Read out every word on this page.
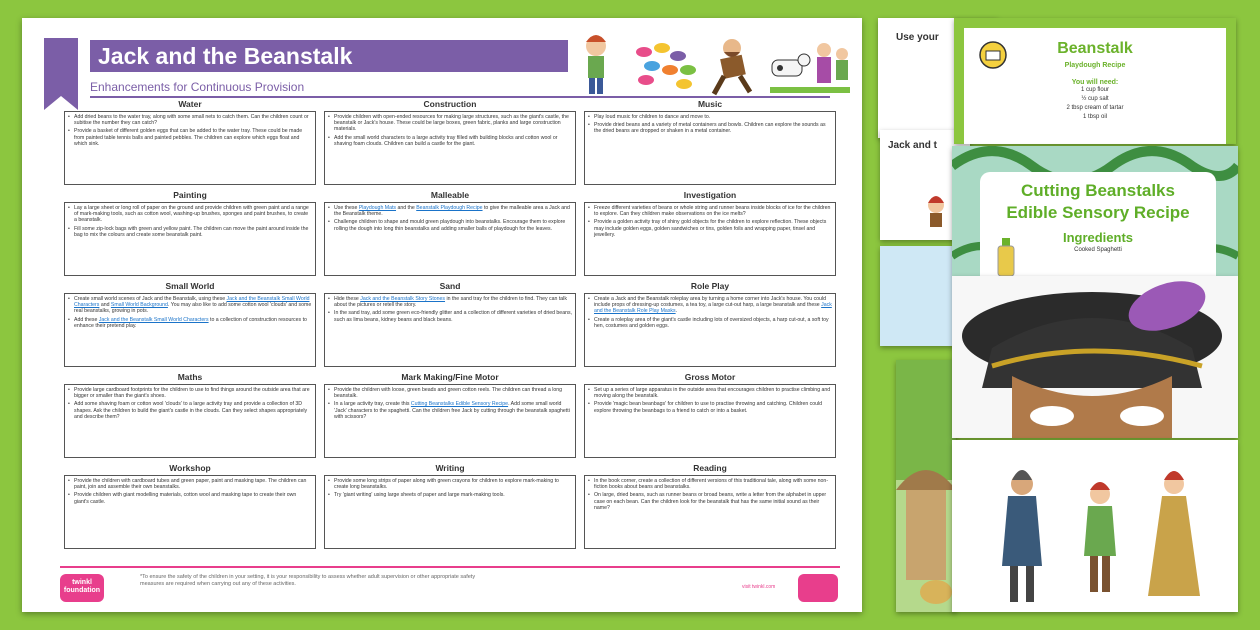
Jack and the Beanstalk
Enhancements for Continuous Provision
Water
• Add dried beans to the water tray, along with some small nets to catch them. Can the children count or subitise the number they can catch?
• Provide a basket of different golden eggs that can be added to the water tray. These could be made from painted table tennis balls and painted pebbles. The children can explore which eggs float and which sink.
Construction
• Provide children with open-ended resources for making large structures, such as the giant's castle, the beanstalk or Jack's house. These could be large boxes, green fabric, planks and large construction materials.
• Add the small world characters to a large activity tray filled with building blocks and cotton wool or shaving foam clouds. Children can build a castle for the giant.
Music
• Play loud music for children to dance and move to.
• Provide dried beans and a variety of metal containers and bowls. Children can explore the sounds as the dried beans are dropped or shaken in a metal container.
Painting
• Lay a large sheet or long roll of paper on the ground and provide children with green paint and a range of mark-making tools, such as cotton wool, washing-up brushes, sponges and paint brushes, to create a beanstalk.
• Fill some zip-lock bags with green and yellow paint. The children can move the paint around inside the bag to mix the colours and create some beanstalk paint.
Malleable
• Use these Playdough Mats and the Beanstalk Playdough Recipe to give the malleable area a Jack and the Beanstalk theme.
• Challenge children to shape and mould green playdough into beanstalks. Encourage them to explore rolling the dough into long thin beanstalks and adding smaller balls of playdough for the leaves.
Investigation
• Freeze different varieties of beans or whole string and runner beans inside blocks of ice for the children to explore. Can they children make observations on the ice melts?
• Provide a golden activity tray of shiny gold objects for the children to explore reflection. These objects may include golden eggs, golden sandwiches or tins, golden foils and wrapping paper, tinsel and jewellery.
Small World
• Create small world scenes of Jack and the Beanstalk, using these Jack and the Beanstalk Small World Characters and Small World Background. You may also like to add some cotton wool 'clouds' and some real beanstalks, growing in pots.
• Add these Jack and the Beanstalk Small World Characters to a collection of construction resources to enhance their pretend play.
Sand
• Hide these Jack and the Beanstalk Story Stones in the sand tray for the children to find. They can talk about the pictures or retell the story.
• In the sand tray, add some green eco-friendly glitter and a collection of different varieties of dried beans, such as lima beans, kidney beans and black beans.
Role Play
• Create a Jack and the Beanstalk roleplay area by turning a home corner into Jack's house. You could include props of dressing-up costumes, a tea toy, a large cut-out harp, a large beanstalk and these Jack and the Beanstalk Role Play Masks.
• Create a roleplay area of the giant's castle including lots of oversized objects, a harp cut-out, a soft toy hen, costumes and golden eggs.
Maths
• Provide large cardboard footprints for the children to use to find things around the outside area that are bigger or smaller than the giant's shoes.
• Add some shaving foam or cotton wool 'clouds' to a large activity tray and provide a collection of 3D shapes. Ask the children to build the giant's castle in the clouds. Can they select shapes appropriately and describe them?
Mark Making/Fine Motor
• Provide the children with loose, green beads and green cotton reels. The children can thread a long beanstalk.
• In a large activity tray, create this Cutting Beanstalks Edible Sensory Recipe. Add some small world 'Jack' characters to the spaghetti. Can the children free Jack by cutting through the beanstalk spaghetti with scissors?
Gross Motor
• Set up a series of large apparatus in the outside area that encourages children to practise climbing and moving along the beanstalk.
• Provide 'magic bean beanbags' for children to use to practise throwing and catching. Children could explore throwing the beanbags to a friend to catch or into a basket.
Workshop
• Provide the children with cardboard tubes and green paper, paint and masking tape. The children can paint, join and assemble their own beanstalks.
• Provide children with giant modelling materials, cotton wool and masking tape to create their own giant's castle.
Writing
• Provide some long strips of paper along with green crayons for children to explore mark-making to create long beanstalks.
• Try 'giant writing' using large sheets of paper and large mark-making tools.
Reading
• In the book corner, create a collection of different versions of this traditional tale, along with some non-fiction books about beans and beanstalks.
• On large, dried beans, such as runner beans or broad beans, write a letter from the alphabet in upper case on each bean. Can the children look for the beanstalk that has the same initial sound as their name?
twinkl foundation
*To ensure the safety of the children in your setting, it is your responsibility to assess whether adult supervision or other appropriate safety measures are required when carrying out any of these activities.	visit twinkl.com
Use your
Jack and t
Beanstalk
Playdough Recipe
You will need:
1 cup flour
½ cup salt
2 tbsp cream of tartar
1 tbsp oil
Cutting Beanstalks
Edible Sensory Recipe
Ingredients
Cooked Spaghetti
